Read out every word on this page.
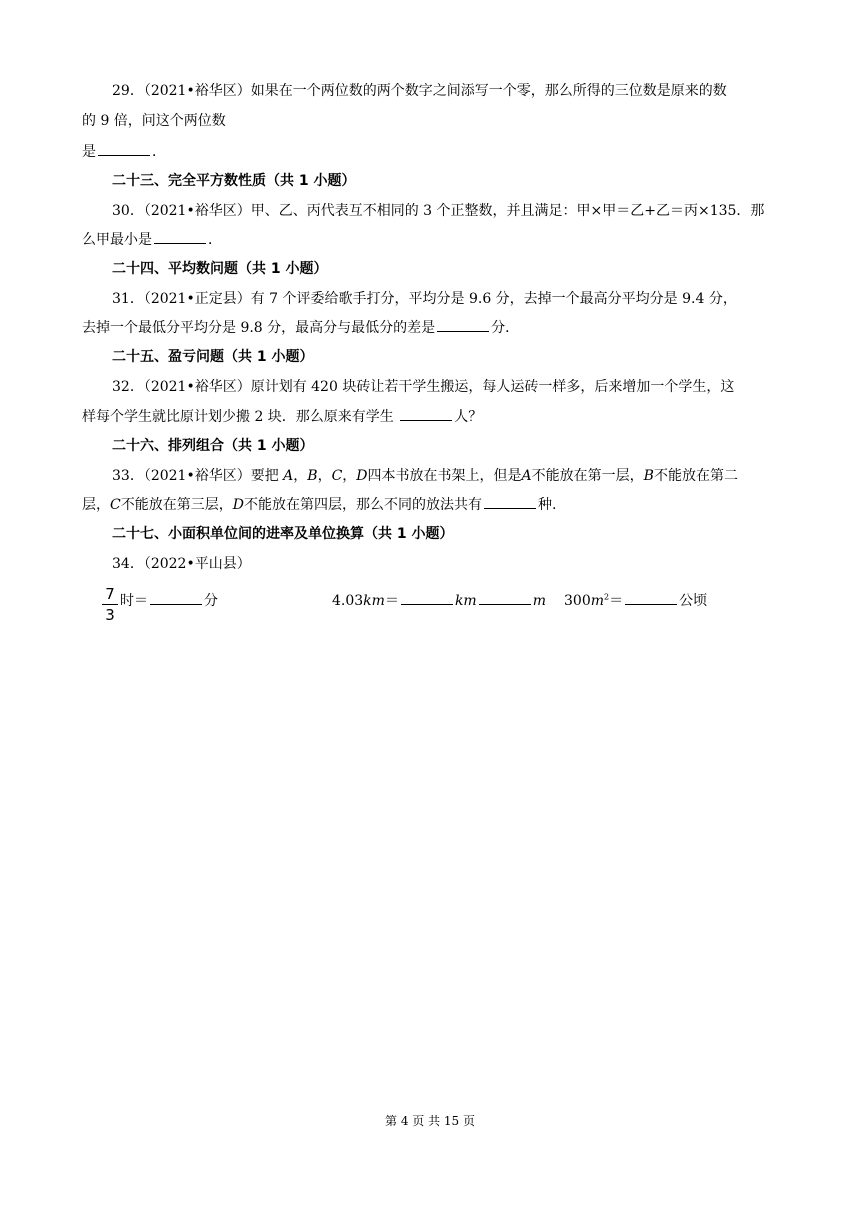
29．（2021•裕华区）如果在一个两位数的两个数字之间添写一个零，那么所得的三位数是原来的数
的 9 倍，问这个两位数
是	．
二十三、完全平方数性质（共 1 小题）
30．（2021•裕华区）甲、乙、丙代表互不相同的 3 个正整数，并且满足：甲×甲＝乙+乙＝丙×135．那
么甲最小是	．
二十四、平均数问题（共 1 小题）
31．（2021•正定县）有 7 个评委给歌手打分，平均分是 9.6 分，去掉一个最高分平均分是 9.4 分，
去掉一个最低分平均分是 9.8 分，最高分与最低分的差是	分．
二十五、盈亏问题（共 1 小题）
32．（2021•裕华区）原计划有 420 块砖让若干学生搬运，每人运砖一样多，后来增加一个学生，这
样每个学生就比原计划少搬 2 块．那么原来有学生	人？
二十六、排列组合（共 1 小题）
33．（2021•裕华区）要把 A，B，C，D四本书放在书架上，但是A不能放在第一层，B不能放在第二
层，C不能放在第三层，D不能放在第四层，那么不同的放法共有	种.
二十七、小面积单位间的进率及单位换算（共 1 小题）
34．（2022•平山县）
7
3
时＝	分	4.03km＝	km	m $300m^2=$	公顷
第 4 页 共 15 页
